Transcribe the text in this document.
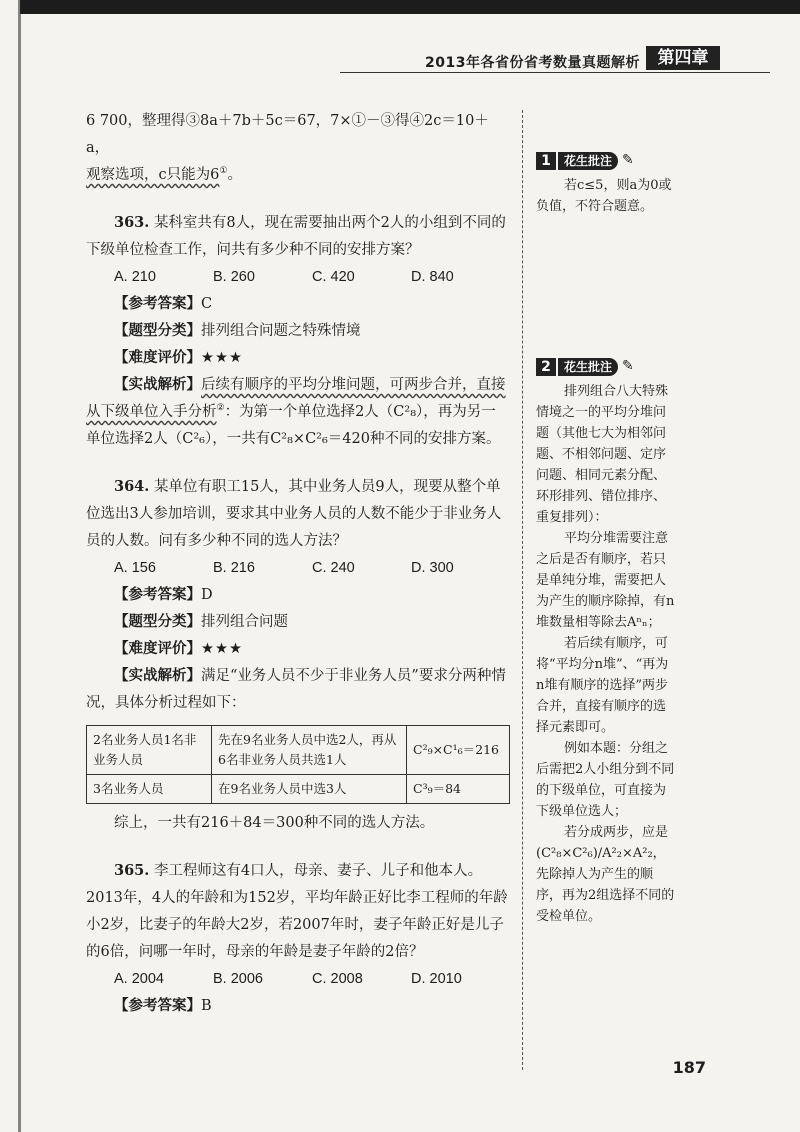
2013年各省份省考数量真题解析	第四章

6 700，整理得③8a＋7b＋5c＝67，7×①－③得④2c＝10＋a，

观察选项，c只能为6①。

363. 某科室共有8人，现在需要抽出两个2人的小组到不同的下级单位检查工作，问共有多少种不同的安排方案？

A. 210	B. 260	C. 420	D. 840

【参考答案】C

【题型分类】排列组合问题之特殊情境

【难度评价】★★★

【实战解析】后续有顺序的平均分堆问题，可两步合并，直接从下级单位入手分析②：为第一个单位选择2人（C²₈），再为另一单位选择2人（C²₆），一共有C²₈×C²₆＝420种不同的安排方案。

364. 某单位有职工15人，其中业务人员9人，现要从整个单位选出3人参加培训，要求其中业务人员的人数不能少于非业务人员的人数。问有多少种不同的选人方法？

A. 156	B. 216	C. 240	D. 300

【参考答案】D

【题型分类】排列组合问题

【难度评价】★★★

【实战解析】满足“业务人员不少于非业务人员”要求分两种情况，具体分析过程如下：

2名业务人员1名非业务人员	先在9名业务人员中选2人，再从6名非业务人员共选1人	C²₉×C¹₆＝216
3名业务人员	在9名业务人员中选3人	C³₉＝84

综上，一共有216＋84＝300种不同的选人方法。

365. 李工程师这有4口人，母亲、妻子、儿子和他本人。2013年，4人的年龄和为152岁，平均年龄正好比李工程师的年龄小2岁，比妻子的年龄大2岁，若2007年时，妻子年龄正好是儿子的6倍，问哪一年时，母亲的年龄是妻子年龄的2倍？

A. 2004	B. 2006	C. 2008	D. 2010

【参考答案】B

1	花生批注 ✎

若c≤5，则a为0或负值，不符合题意。

2	花生批注 ✎

排列组合八大特殊情境之一的平均分堆问题（其他七大为相邻问题、不相邻问题、定序问题、相同元素分配、环形排列、错位排序、重复排列）：

平均分堆需要注意之后是否有顺序，若只是单纯分堆，需要把人为产生的顺序除掉，有n堆数量相等除去Aⁿₙ；

若后续有顺序，可将“平均分n堆”、“再为n堆有顺序的选择”两步合并，直接有顺序的选择元素即可。

例如本题：分组之后需把2人小组分到不同的下级单位，可直接为下级单位选人；

若分成两步，应是(C²₈×C²₆)/A²₂×A²₂，先除掉人为产生的顺序，再为2组选择不同的受检单位。

187
